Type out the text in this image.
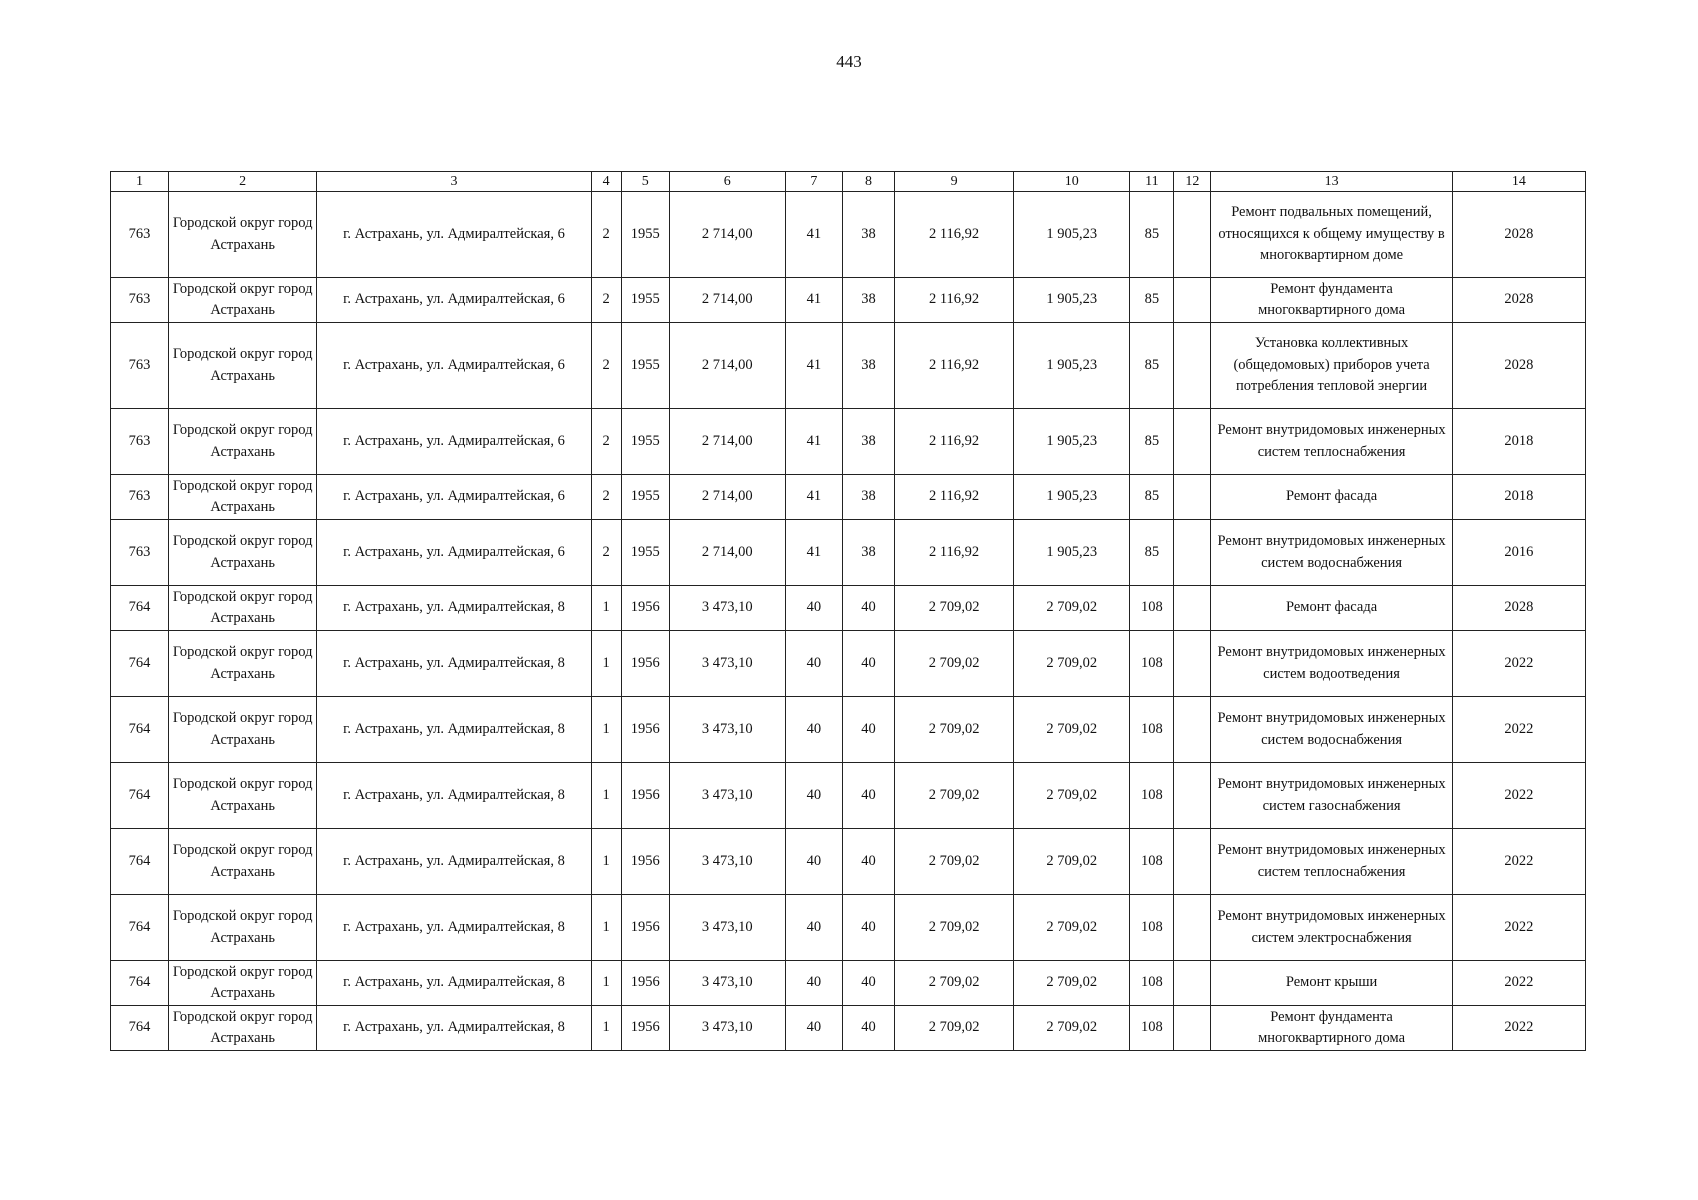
443
1	2	3	4	5	6	7	8	9	10	11	12	13	14
763	Городской округ город Астрахань	г. Астрахань, ул. Адмиралтейская, 6	2	1955	2 714,00	41	38	2 116,92	1 905,23	85		Ремонт подвальных помещений, относящихся к общему имуществу в многоквартирном доме	2028
763	Городской округ город Астрахань	г. Астрахань, ул. Адмиралтейская, 6	2	1955	2 714,00	41	38	2 116,92	1 905,23	85		Ремонт фундамента многоквартирного дома	2028
763	Городской округ город Астрахань	г. Астрахань, ул. Адмиралтейская, 6	2	1955	2 714,00	41	38	2 116,92	1 905,23	85		Установка коллективных (общедомовых) приборов учета потребления тепловой энергии	2028
763	Городской округ город Астрахань	г. Астрахань, ул. Адмиралтейская, 6	2	1955	2 714,00	41	38	2 116,92	1 905,23	85		Ремонт внутридомовых инженерных систем теплоснабжения	2018
763	Городской округ город Астрахань	г. Астрахань, ул. Адмиралтейская, 6	2	1955	2 714,00	41	38	2 116,92	1 905,23	85		Ремонт фасада	2018
763	Городской округ город Астрахань	г. Астрахань, ул. Адмиралтейская, 6	2	1955	2 714,00	41	38	2 116,92	1 905,23	85		Ремонт внутридомовых инженерных систем водоснабжения	2016
764	Городской округ город Астрахань	г. Астрахань, ул. Адмиралтейская, 8	1	1956	3 473,10	40	40	2 709,02	2 709,02	108		Ремонт фасада	2028
764	Городской округ город Астрахань	г. Астрахань, ул. Адмиралтейская, 8	1	1956	3 473,10	40	40	2 709,02	2 709,02	108		Ремонт внутридомовых инженерных систем водоотведения	2022
764	Городской округ город Астрахань	г. Астрахань, ул. Адмиралтейская, 8	1	1956	3 473,10	40	40	2 709,02	2 709,02	108		Ремонт внутридомовых инженерных систем водоснабжения	2022
764	Городской округ город Астрахань	г. Астрахань, ул. Адмиралтейская, 8	1	1956	3 473,10	40	40	2 709,02	2 709,02	108		Ремонт внутридомовых инженерных систем газоснабжения	2022
764	Городской округ город Астрахань	г. Астрахань, ул. Адмиралтейская, 8	1	1956	3 473,10	40	40	2 709,02	2 709,02	108		Ремонт внутридомовых инженерных систем теплоснабжения	2022
764	Городской округ город Астрахань	г. Астрахань, ул. Адмиралтейская, 8	1	1956	3 473,10	40	40	2 709,02	2 709,02	108		Ремонт внутридомовых инженерных систем электроснабжения	2022
764	Городской округ город Астрахань	г. Астрахань, ул. Адмиралтейская, 8	1	1956	3 473,10	40	40	2 709,02	2 709,02	108		Ремонт крыши	2022
764	Городской округ город Астрахань	г. Астрахань, ул. Адмиралтейская, 8	1	1956	3 473,10	40	40	2 709,02	2 709,02	108		Ремонт фундамента многоквартирного дома	2022
